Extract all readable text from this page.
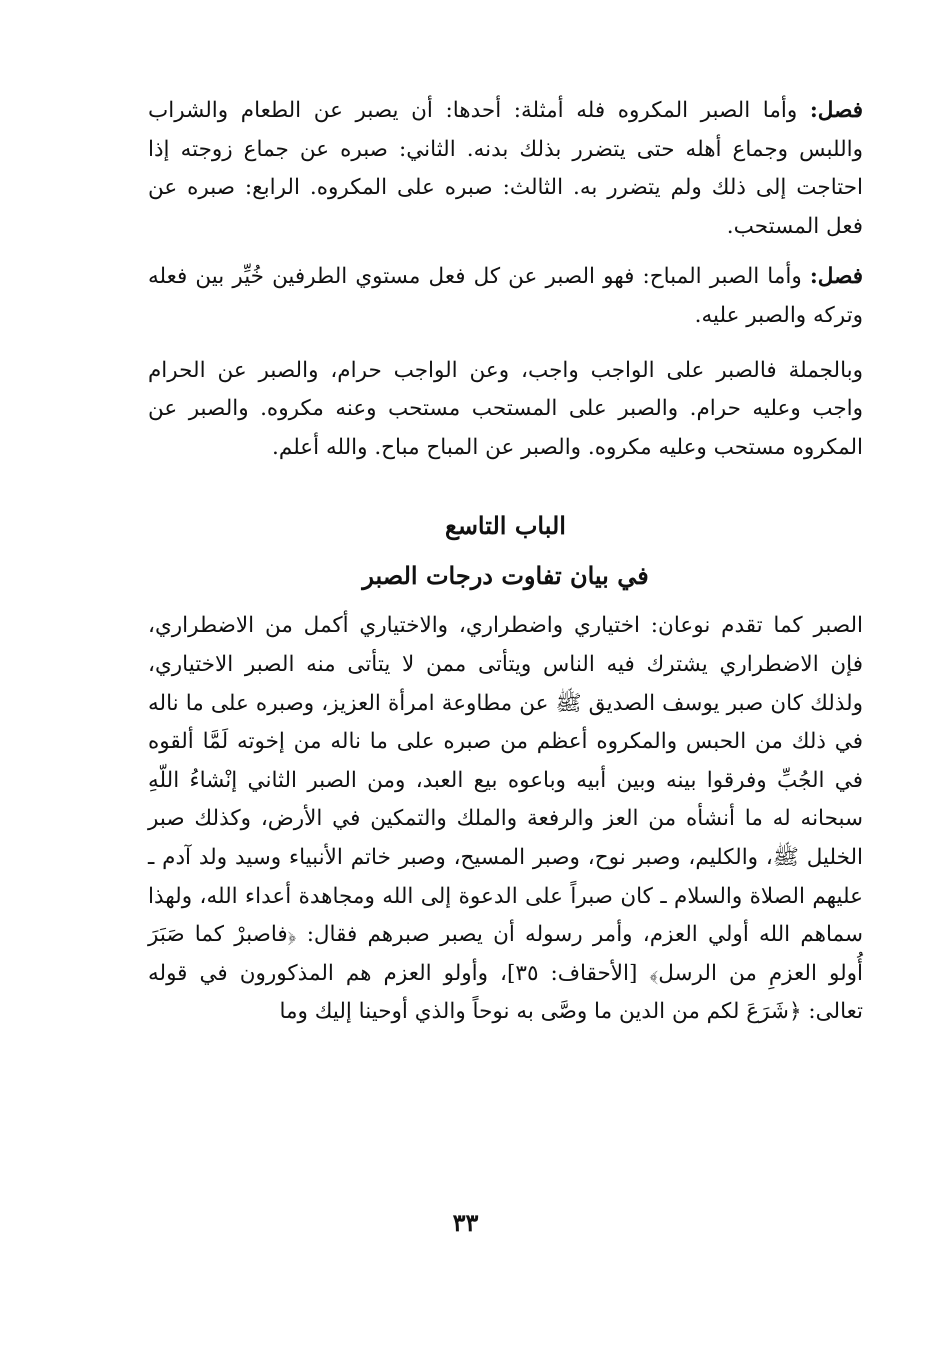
فصل: وأما الصبر المكروه فله أمثلة: أحدها: أن يصبر عن الطعام والشراب واللبس وجماع أهله حتى يتضرر بذلك بدنه. الثاني: صبره عن جماع زوجته إذا احتاجت إلى ذلك ولم يتضرر به. الثالث: صبره على المكروه. الرابع: صبره عن فعل المستحب.

فصل: وأما الصبر المباح: فهو الصبر عن كل فعل مستوي الطرفين خُيِّر بين فعله وتركه والصبر عليه.

وبالجملة فالصبر على الواجب واجب، وعن الواجب حرام، والصبر عن الحرام واجب وعليه حرام. والصبر على المستحب مستحب وعنه مكروه. والصبر عن المكروه مستحب وعليه مكروه. والصبر عن المباح مباح. والله أعلم.

الباب التاسع
في بيان تفاوت درجات الصبر

الصبر كما تقدم نوعان: اختياري واضطراري، والاختياري أكمل من الاضطراري، فإن الاضطراري يشترك فيه الناس ويتأتى ممن لا يتأتى منه الصبر الاختياري، ولذلك كان صبر يوسف الصديق ﷺ عن مطاوعة امرأة العزيز، وصبره على ما ناله في ذلك من الحبس والمكروه أعظم من صبره على ما ناله من إخوته لَمَّا ألقوه في الجُبِّ وفرقوا بينه وبين أبيه وباعوه بيع العبد، ومن الصبر الثاني إنْشاءُ اللّهِ سبحانه له ما أنشأه من العز والرفعة والملك والتمكين في الأرض، وكذلك صبر الخليل ﷺ، والكليم، وصبر نوح، وصبر المسيح، وصبر خاتم الأنبياء وسيد ولد آدم ـ عليهم الصلاة والسلام ـ كان صبراً على الدعوة إلى الله ومجاهدة أعداء الله، ولهذا سماهم الله أولي العزم، وأمر رسوله أن يصبر صبرهم فقال: ﴿فاصبرْ كما صَبَرَ أُولو العزمِ من الرسل﴾ [الأحقاف: ٣٥]، وأولو العزم هم المذكورون في قوله تعالى: ﴿شَرَعَ لكم من الدين ما وصَّى به نوحاً والذي أوحينا إليك وما

٣٣
